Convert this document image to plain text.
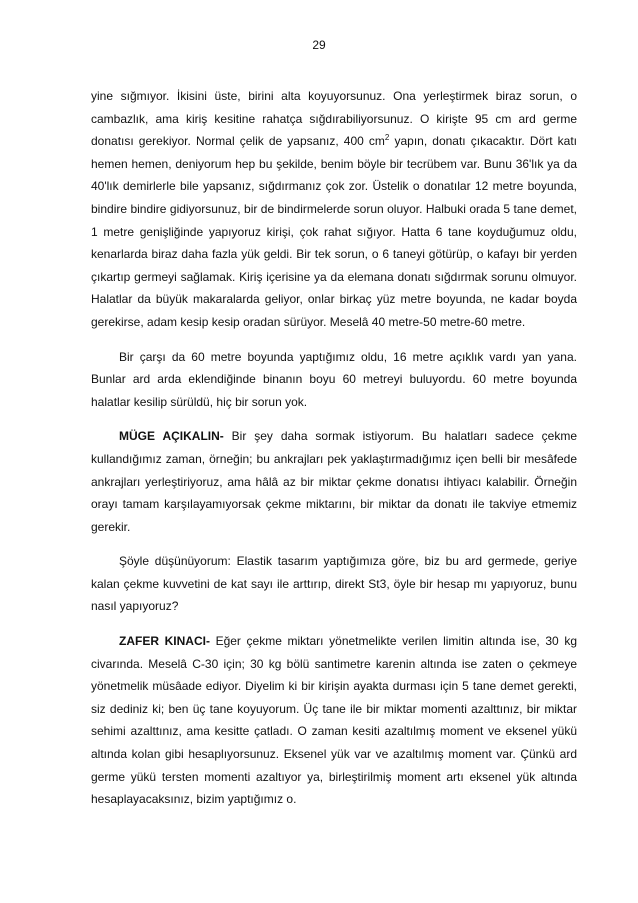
29

yine sığmıyor. İkisini üste, birini alta koyuyorsunuz. Ona yerleştirmek biraz sorun, o cambazlık, ama kiriş kesitine rahatça sığdırabiliyorsunuz. O kirişte 95 cm ard germe donatısı gerekiyor. Normal çelik de yapsanız, 400 $cm^2$ yapın, donatı çıkacaktır. Dört katı hemen hemen, deniyorum hep bu şekilde, benim böyle bir tecrübem var. Bunu 36'lık ya da 40'lık demirlerle bile yapsanız, sığdırmanız çok zor. Üstelik o donatılar 12 metre boyunda, bindire bindire gidiyorsunuz, bir de bindirmelerde sorun oluyor. Halbuki orada 5 tane demet, 1 metre genişliğinde yapıyoruz kirişi, çok rahat sığıyor. Hatta 6 tane koyduğumuz oldu, kenarlarda biraz daha fazla yük geldi. Bir tek sorun, o 6 taneyi götürüp, o kafayı bir yerden çıkartıp germeyi sağlamak. Kiriş içerisine ya da elemana donatı sığdırmak sorunu olmuyor. Halatlar da büyük makaralarda geliyor, onlar birkaç yüz metre boyunda, ne kadar boyda gerekirse, adam kesip kesip oradan sürüyor. Meselâ 40 metre-50 metre-60 metre.

Bir çarşı da 60 metre boyunda yaptığımız oldu, 16 metre açıklık vardı yan yana. Bunlar ard arda eklendiğinde binanın boyu 60 metreyi buluyordu. 60 metre boyunda halatlar kesilip sürüldü, hiç bir sorun yok.

MÜGE AÇIKALIN- Bir şey daha sormak istiyorum. Bu halatları sadece çekme kullandığımız zaman, örneğin; bu ankrajları pek yaklaştırmadığımız içen belli bir mesâfede ankrajları yerleştiriyoruz, ama hâlâ az bir miktar çekme donatısı ihtiyacı kalabilir. Örneğin orayı tamam karşılayamıyorsak çekme miktarını, bir miktar da donatı ile takviye etmemiz gerekir.

Şöyle düşünüyorum: Elastik tasarım yaptığımıza göre, biz bu ard germede, geriye kalan çekme kuvvetini de kat sayı ile arttırıp, direkt St3, öyle bir hesap mı yapıyoruz, bunu nasıl yapıyoruz?

ZAFER KINACI- Eğer çekme miktarı yönetmelikte verilen limitin altında ise, 30 kg civarında. Meselâ C-30 için; 30 kg bölü santimetre karenin altında ise zaten o çekmeye yönetmelik müsâade ediyor. Diyelim ki bir kirişin ayakta durması için 5 tane demet gerekti, siz dediniz ki; ben üç tane koyuyorum. Üç tane ile bir miktar momenti azalttınız, bir miktar sehimi azalttınız, ama kesitte çatladı. O zaman kesiti azaltılmış moment ve eksenel yükü altında kolan gibi hesaplıyorsunuz. Eksenel yük var ve azaltılmış moment var. Çünkü ard germe yükü tersten momenti azaltıyor ya, birleştirilmiş moment artı eksenel yük altında hesaplayacaksınız, bizim yaptığımız o.
